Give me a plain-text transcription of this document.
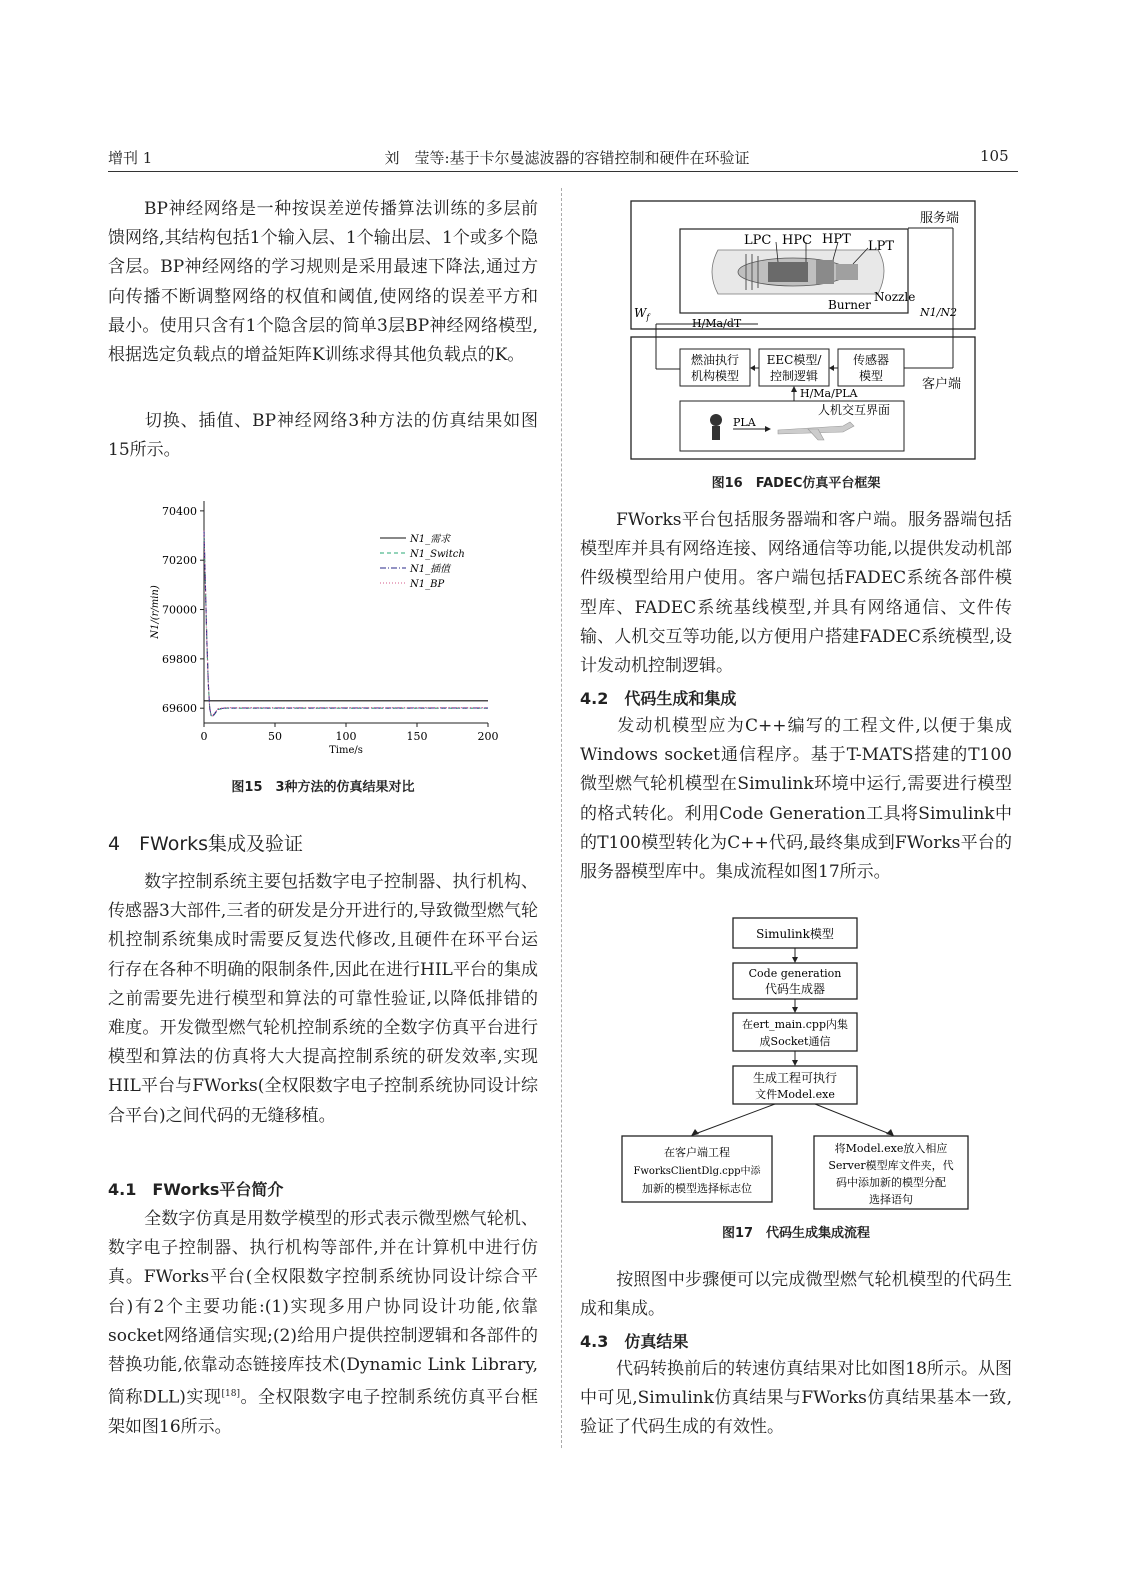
增刊 1	刘　莹等:基于卡尔曼滤波器的容错控制和硬件在环验证	105

BP神经网络是一种按误差逆传播算法训练的多层前馈网络,其结构包括1个输入层、1个输出层、1个或多个隐含层。BP神经网络的学习规则是采用最速下降法,通过方向传播不断调整网络的权值和阈值,使网络的误差平方和最小。使用只含有1个隐含层的简单3层BP神经网络模型,根据选定负载点的增益矩阵K训练求得其他负载点的K。

切换、插值、BP神经网络3种方法的仿真结果如图15所示。

69600
69800
70000
70200
70400
0	50	100	150	200
Time/s
N1/(r/min)
N1_需求
N1_Switch
N1_插值
N1_BP
图15　3种方法的仿真结果对比
4　FWorks集成及验证

数字控制系统主要包括数字电子控制器、执行机构、传感器3大部件,三者的研发是分开进行的,导致微型燃气轮机控制系统集成时需要反复迭代修改,且硬件在环平台运行存在各种不明确的限制条件,因此在进行HIL平台的集成之前需要先进行模型和算法的可靠性验证,以降低排错的难度。开发微型燃气轮机控制系统的全数字仿真平台进行模型和算法的仿真将大大提高控制系统的研发效率,实现HIL平台与FWorks(全权限数字电子控制系统协同设计综合平台)之间代码的无缝移植。

4.1　FWorks平台简介

全数字仿真是用数学模型的形式表示微型燃气轮机、数字电子控制器、执行机构等部件,并在计算机中进行仿真。FWorks平台(全权限数字控制系统协同设计综合平台)有2个主要功能:(1)实现多用户协同设计功能,依靠socket网络通信实现;(2)给用户提供控制逻辑和各部件的替换功能,依靠动态链接库技术(Dynamic Link Library,简称DLL)实现[18]。全权限数字电子控制系统仿真平台框架如图16所示。

服务端
LPC HPC HPT LPT
Burner
Nozzle
$W_f$	N1/N2
H/Ma/dT
客户端
燃油执行
机构模型
EEC模型/
控制逻辑
传感器
模型
H/Ma/PLA
人机交互界面
PLA
图16　FADEC仿真平台框架

FWorks平台包括服务器端和客户端。服务器端包括模型库并具有网络连接、网络通信等功能,以提供发动机部件级模型给用户使用。客户端包括FADEC系统各部件模型库、FADEC系统基线模型,并具有网络通信、文件传输、人机交互等功能,以方便用户搭建FADEC系统模型,设计发动机控制逻辑。

4.2　代码生成和集成

发动机模型应为C++编写的工程文件,以便于集成Windows socket通信程序。基于T-MATS搭建的T100微型燃气轮机模型在Simulink环境中运行,需要进行模型的格式转化。利用Code Generation工具将Simulink中的T100模型转化为C++代码,最终集成到FWorks平台的服务器模型库中。集成流程如图17所示。

Simulink模型
Code generation
代码生成器
在ert_main.cpp内集
成Socket通信
生成工程可执行
文件Model.exe
在客户端工程
FworksClientDlg.cpp中添
加新的模型选择标志位
将Model.exe放入相应
Server模型库文件夹，代
码中添加新的模型分配
选择语句
图17　代码生成集成流程

按照图中步骤便可以完成微型燃气轮机模型的代码生成和集成。

4.3　仿真结果

代码转换前后的转速仿真结果对比如图18所示。从图中可见,Simulink仿真结果与FWorks仿真结果基本一致,验证了代码生成的有效性。
